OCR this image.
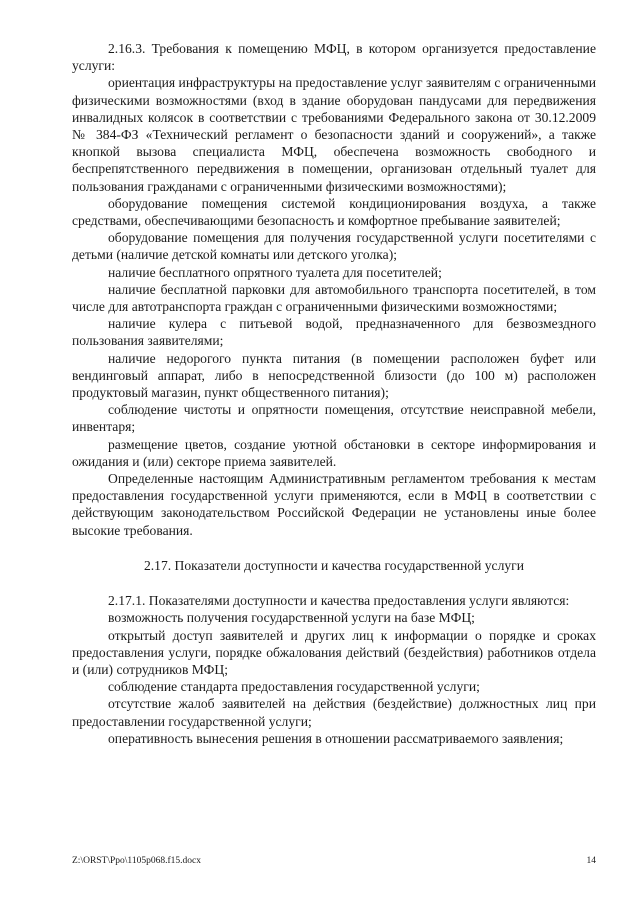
2.16.3. Требования к помещению МФЦ, в котором организуется предоставление услуги:

ориентация инфраструктуры на предоставление услуг заявителям с ограниченными физическими возможностями (вход в здание оборудован пандусами для передвижения инвалидных колясок в соответствии с требованиями Федерального закона от 30.12.2009 № 384-ФЗ «Технический регламент о безопасности зданий и сооружений», а также кнопкой вызова специалиста МФЦ, обеспечена возможность свободного и беспрепятственного передвижения в помещении, организован отдельный туалет для пользования гражданами с ограниченными физическими возможностями);

оборудование помещения системой кондиционирования воздуха, а также средствами, обеспечивающими безопасность и комфортное пребывание заявителей;

оборудование помещения для получения государственной услуги посетителями с детьми (наличие детской комнаты или детского уголка);

наличие бесплатного опрятного туалета для посетителей;

наличие бесплатной парковки для автомобильного транспорта посетителей, в том числе для автотранспорта граждан с ограниченными физическими возможностями;

наличие кулера с питьевой водой, предназначенного для безвозмездного пользования заявителями;

наличие недорогого пункта питания (в помещении расположен буфет или вендинговый аппарат, либо в непосредственной близости (до 100 м) расположен продуктовый магазин, пункт общественного питания);

соблюдение чистоты и опрятности помещения, отсутствие неисправной мебели, инвентаря;

размещение цветов, создание уютной обстановки в секторе информирования и ожидания и (или) секторе приема заявителей.

Определенные настоящим Административным регламентом требования к местам предоставления государственной услуги применяются, если в МФЦ в соответствии с действующим законодательством Российской Федерации не установлены иные более высокие требования.

2.17. Показатели доступности и качества государственной услуги

2.17.1. Показателями доступности и качества предоставления услуги являются:

возможность получения государственной услуги на базе МФЦ;

открытый доступ заявителей и других лиц к информации о порядке и сроках предоставления услуги, порядке обжалования действий (бездействия) работников отдела и (или) сотрудников МФЦ;

соблюдение стандарта предоставления государственной услуги;

отсутствие жалоб заявителей на действия (бездействие) должностных лиц при предоставлении государственной услуги;

оперативность вынесения решения в отношении рассматриваемого заявления;

Z:\ORST\Ppo\1105p068.f15.docx	14
